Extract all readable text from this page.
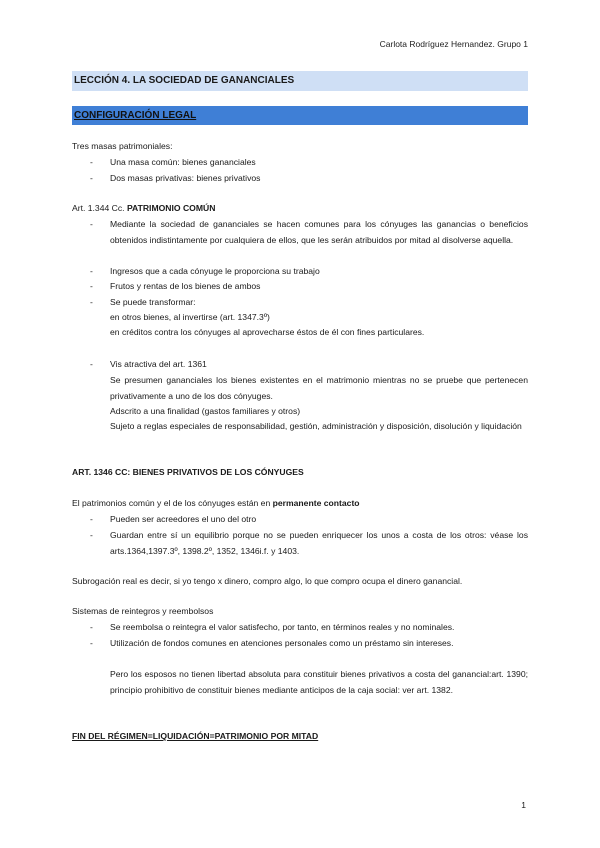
Carlota Rodríguez Hernandez. Grupo 1
LECCIÓN 4. LA SOCIEDAD DE GANANCIALES
CONFIGURACIÓN LEGAL

Tres masas patrimoniales:

- Una masa común: bienes gananciales

- Dos masas privativas: bienes privativos

Art. 1.344 Cc. PATRIMONIO COMÚN

- Mediante la sociedad de gananciales se hacen comunes para los cónyuges las ganancias o beneficios obtenidos indistintamente por cualquiera de ellos, que les serán atribuidos por mitad al disolverse aquella.

- Ingresos que a cada cónyuge le proporciona su trabajo

- Frutos y rentas de los bienes de ambos

- Se puede transformar:

en otros bienes, al invertirse (art. 1347.3º)

en créditos contra los cónyuges al aprovecharse éstos de él con fines particulares.

- Vis atractiva del art. 1361

Se presumen gananciales los bienes existentes en el matrimonio mientras no se pruebe que pertenecen privativamente a uno de los dos cónyuges.

Adscrito a una finalidad (gastos familiares y otros)

Sujeto a reglas especiales de responsabilidad, gestión, administración y disposición, disolución y liquidación

ART. 1346 CC: BIENES PRIVATIVOS DE LOS CÓNYUGES

El patrimonios común y el de los cónyuges están en permanente contacto

- Pueden ser acreedores el uno del otro

- Guardan entre sí un equilibrio porque no se pueden enriquecer los unos a costa de los otros: véase los arts.1364,1397.3º, 1398.2º, 1352, 1346i.f. y 1403.

Subrogación real es decir, si yo tengo x dinero, compro algo, lo que compro ocupa el dinero ganancial.

Sistemas de reintegros y reembolsos

- Se reembolsa o reintegra el valor satisfecho, por tanto, en términos reales y no nominales.

- Utilización de fondos comunes en atenciones personales como un préstamo sin intereses.

Pero los esposos no tienen libertad absoluta para constituir bienes privativos a costa del ganancial:art. 1390; principio prohibitivo de constituir bienes mediante anticipos de la caja social: ver art. 1382.

FIN DEL RÉGIMEN=LIQUIDACIÓN=PATRIMONIO POR MITAD

1
